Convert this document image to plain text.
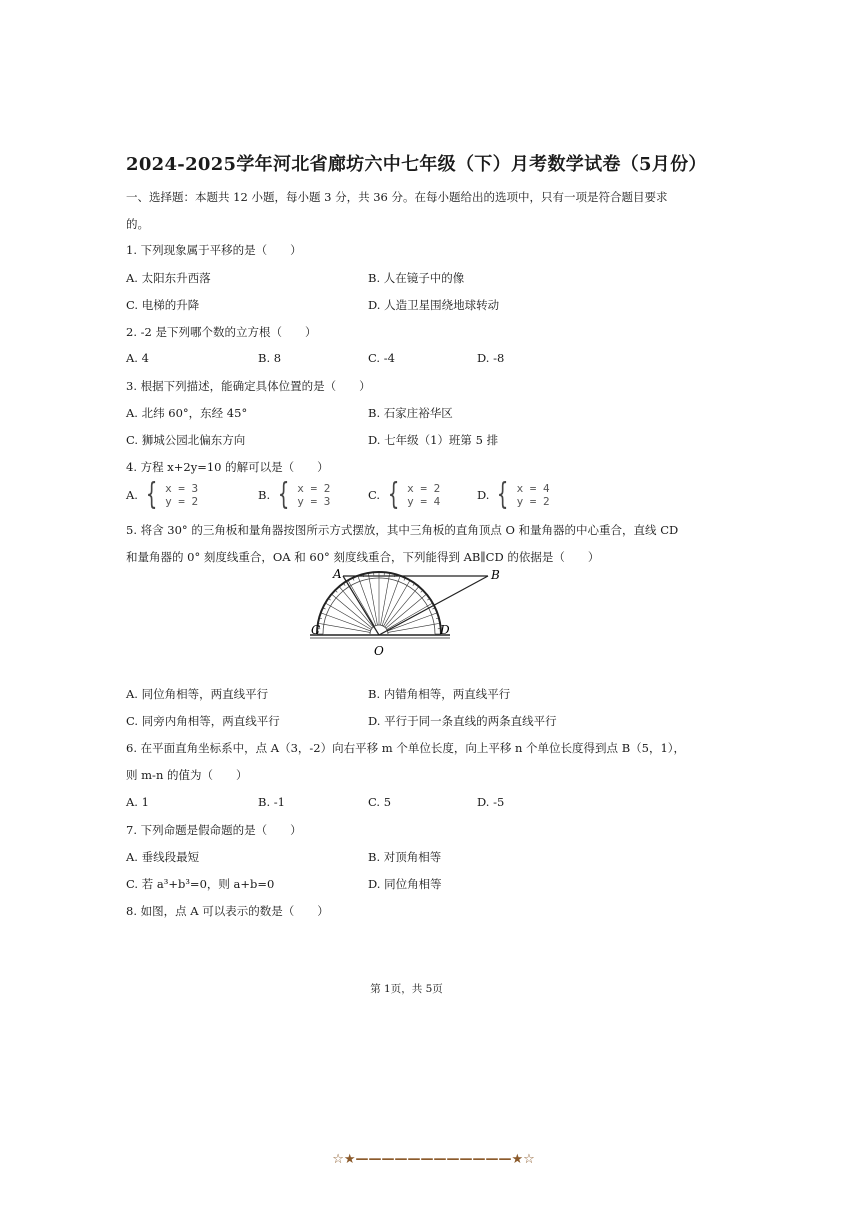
2024-2025学年河北省廊坊六中七年级（下）月考数学试卷（5月份）
一、选择题：本题共 12 小题，每小题 3 分，共 36 分。在每小题给出的选项中，只有一项是符合题目要求
的。
1. 下列现象属于平移的是（　　）
A. 太阳东升西落	B. 人在镜子中的像
C. 电梯的升降	D. 人造卫星围绕地球转动
2. -2 是下列哪个数的立方根（　　）
A. 4	B. 8	C. -4	D. -8
3. 根据下列描述，能确定具体位置的是（　　）
A. 北纬 60°，东经 45°	B. 石家庄裕华区
C. 狮城公园北偏东方向	D. 七年级（1）班第 5 排
4. 方程 x+2y=10 的解可以是（　　）
A. { x = 3
y = 2	B. { x = 2
y = 3	C. { x = 2
y = 4	D. { x = 4
y = 2
5. 将含 30° 的三角板和量角器按图所示方式摆放，其中三角板的直角顶点 O 和量角器的中心重合，直线 CD
和量角器的 0° 刻度线重合，OA 和 60° 刻度线重合，下列能得到 AB∥CD 的依据是（　　）
A	B
C	D
O
A. 同位角相等，两直线平行	B. 内错角相等，两直线平行
C. 同旁内角相等，两直线平行	D. 平行于同一条直线的两条直线平行
6. 在平面直角坐标系中，点 A（3，-2）向右平移 m 个单位长度，向上平移 n 个单位长度得到点 B（5，1），
则 m-n 的值为（　　）
A. 1	B. -1	C. 5	D. -5
7. 下列命题是假命题的是（　　）
A. 垂线段最短	B. 对顶角相等
C. 若 a³+b³=0，则 a+b=0	D. 同位角相等
8. 如图，点 A 可以表示的数是（　　）
第 1页，共 5页
☆★————————————★☆
